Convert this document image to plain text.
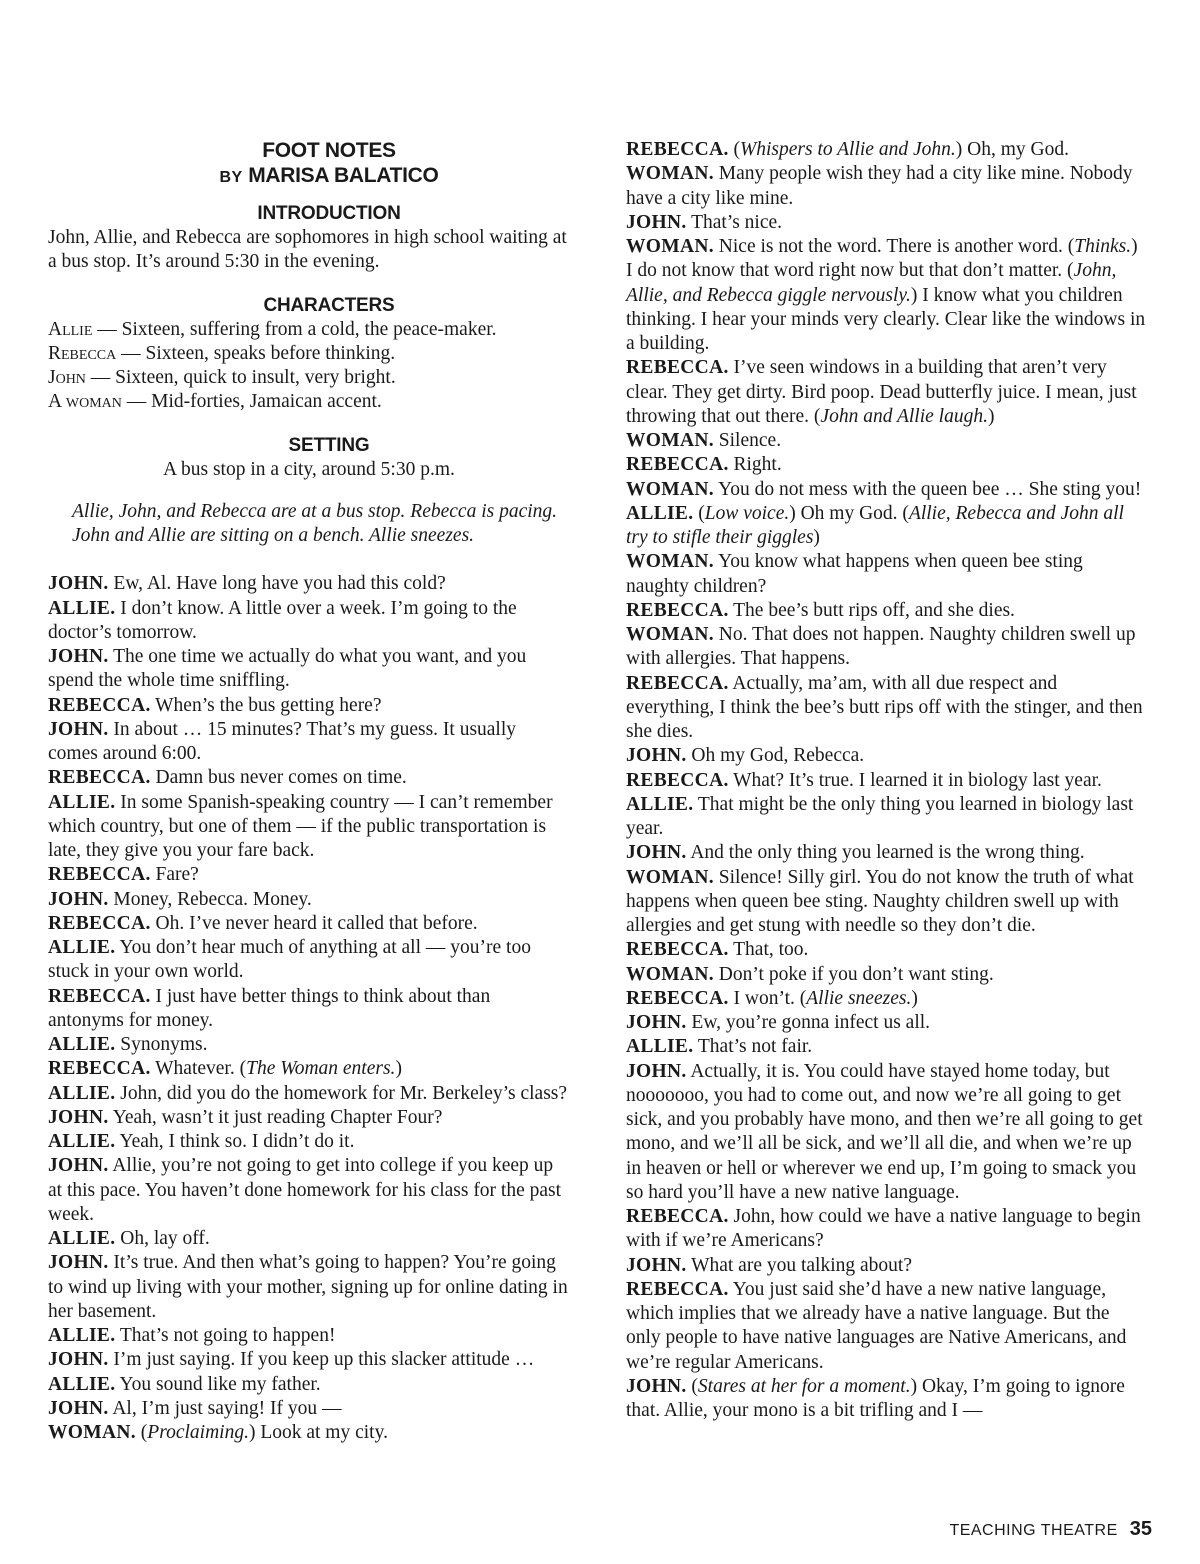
FOOT NOTES
BY MARISA BALATICO
INTRODUCTION

John, Allie, and Rebecca are sophomores in high school waiting at a bus stop. It’s around 5:30 in the evening.

CHARACTERS

Allie — Sixteen, suffering from a cold, the peace-maker.

Rebecca — Sixteen, speaks before thinking.

John — Sixteen, quick to insult, very bright.

A woman — Mid-forties, Jamaican accent.

SETTING

A bus stop in a city, around 5:30 p.m.

Allie, John, and Rebecca are at a bus stop. Rebecca is pacing. John and Allie are sitting on a bench. Allie sneezes.

JOHN. Ew, Al. Have long have you had this cold?

ALLIE. I don’t know. A little over a week. I’m going to the doctor’s tomorrow.

JOHN. The one time we actually do what you want, and you spend the whole time sniffling.

REBECCA. When’s the bus getting here?

JOHN. In about … 15 minutes? That’s my guess. It usually comes around 6:00.

REBECCA. Damn bus never comes on time.

ALLIE. In some Spanish-speaking country — I can’t remember which country, but one of them — if the public transportation is late, they give you your fare back.

REBECCA. Fare?

JOHN. Money, Rebecca. Money.

REBECCA. Oh. I’ve never heard it called that before.

ALLIE. You don’t hear much of anything at all — you’re too stuck in your own world.

REBECCA. I just have better things to think about than antonyms for money.

ALLIE. Synonyms.

REBECCA. Whatever. (The Woman enters.)

ALLIE. John, did you do the homework for Mr. Berkeley’s class?

JOHN. Yeah, wasn’t it just reading Chapter Four?

ALLIE. Yeah, I think so. I didn’t do it.

JOHN. Allie, you’re not going to get into college if you keep up at this pace. You haven’t done homework for his class for the past week.

ALLIE. Oh, lay off.

JOHN. It’s true. And then what’s going to happen? You’re going to wind up living with your mother, signing up for online dating in her basement.

ALLIE. That’s not going to happen!

JOHN. I’m just saying. If you keep up this slacker attitude …

ALLIE. You sound like my father.

JOHN. Al, I’m just saying! If you —

WOMAN. (Proclaiming.) Look at my city.

REBECCA. (Whispers to Allie and John.) Oh, my God.

WOMAN. Many people wish they had a city like mine. Nobody have a city like mine.

JOHN. That’s nice.

WOMAN. Nice is not the word. There is another word. (Thinks.) I do not know that word right now but that don’t matter. (John, Allie, and Rebecca giggle nervously.) I know what you children thinking. I hear your minds very clearly. Clear like the windows in a building.

REBECCA. I’ve seen windows in a building that aren’t very clear. They get dirty. Bird poop. Dead butterfly juice. I mean, just throwing that out there. (John and Allie laugh.)

WOMAN. Silence.

REBECCA. Right.

WOMAN. You do not mess with the queen bee … She sting you!

ALLIE. (Low voice.) Oh my God. (Allie, Rebecca and John all try to stifle their giggles)

WOMAN. You know what happens when queen bee sting naughty children?

REBECCA. The bee’s butt rips off, and she dies.

WOMAN. No. That does not happen. Naughty children swell up with allergies. That happens.

REBECCA. Actually, ma’am, with all due respect and everything, I think the bee’s butt rips off with the stinger, and then she dies.

JOHN. Oh my God, Rebecca.

REBECCA. What? It’s true. I learned it in biology last year.

ALLIE. That might be the only thing you learned in biology last year.

JOHN. And the only thing you learned is the wrong thing.

WOMAN. Silence! Silly girl. You do not know the truth of what happens when queen bee sting. Naughty children swell up with allergies and get stung with needle so they don’t die.

REBECCA. That, too.

WOMAN. Don’t poke if you don’t want sting.

REBECCA. I won’t. (Allie sneezes.)

JOHN. Ew, you’re gonna infect us all.

ALLIE. That’s not fair.

JOHN. Actually, it is. You could have stayed home today, but nooooooo, you had to come out, and now we’re all going to get sick, and you probably have mono, and then we’re all going to get mono, and we’ll all be sick, and we’ll all die, and when we’re up in heaven or hell or wherever we end up, I’m going to smack you so hard you’ll have a new native language.

REBECCA. John, how could we have a native language to begin with if we’re Americans?

JOHN. What are you talking about?

REBECCA. You just said she’d have a new native language, which implies that we already have a native language. But the only people to have native languages are Native Americans, and we’re regular Americans.

JOHN. (Stares at her for a moment.) Okay, I’m going to ignore that. Allie, your mono is a bit trifling and I —

TEACHING THEATRE 35
